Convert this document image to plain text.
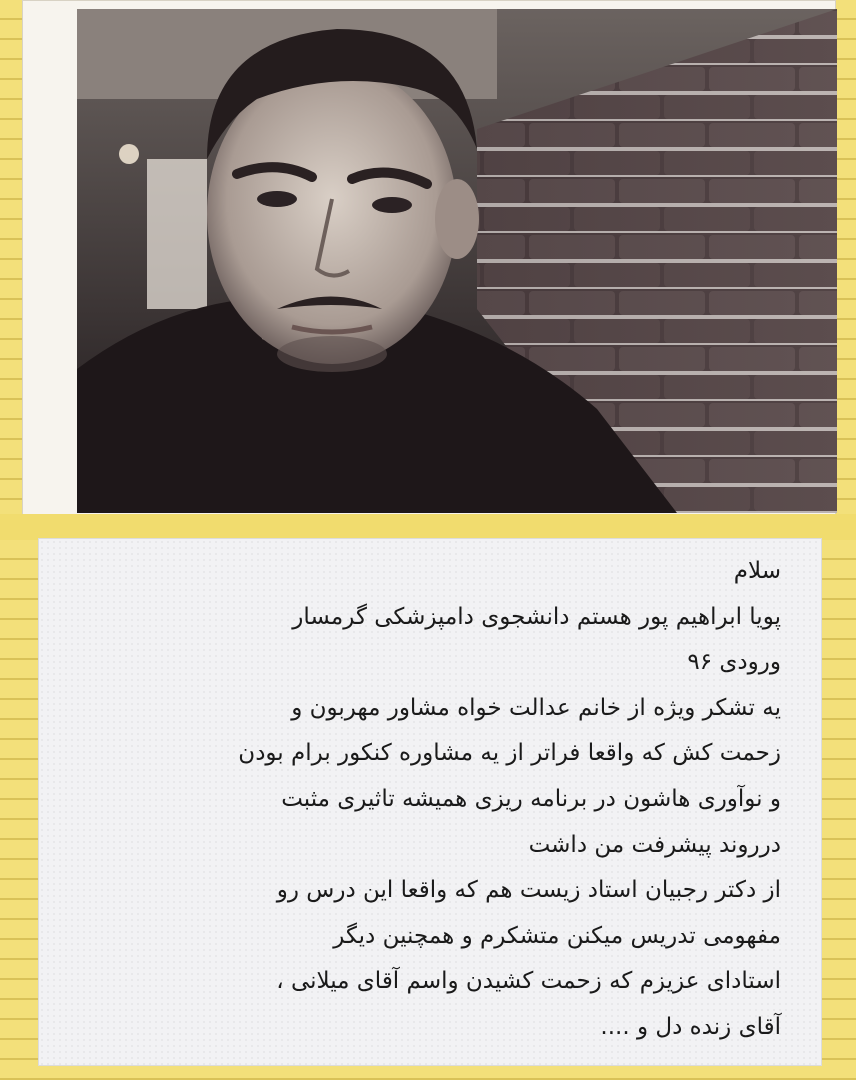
سلام
پویا ابراهیم پور هستم دانشجوی دامپزشکی گرمسار
ورودی ۹۶
یه تشکر ویژه از خانم عدالت خواه مشاور مهربون و
زحمت کش که واقعا فراتر از یه مشاوره کنکور برام بودن
و نوآوری هاشون در برنامه ریزی همیشه تاثیری مثبت
درروند پیشرفت من داشت
از دکتر رجبیان استاد زیست هم که واقعا این درس رو
مفهومی تدریس میکنن متشکرم و همچنین دیگر
استادای عزیزم که زحمت کشیدن واسم آقای میلانی ،
آقای زنده دل و ....
